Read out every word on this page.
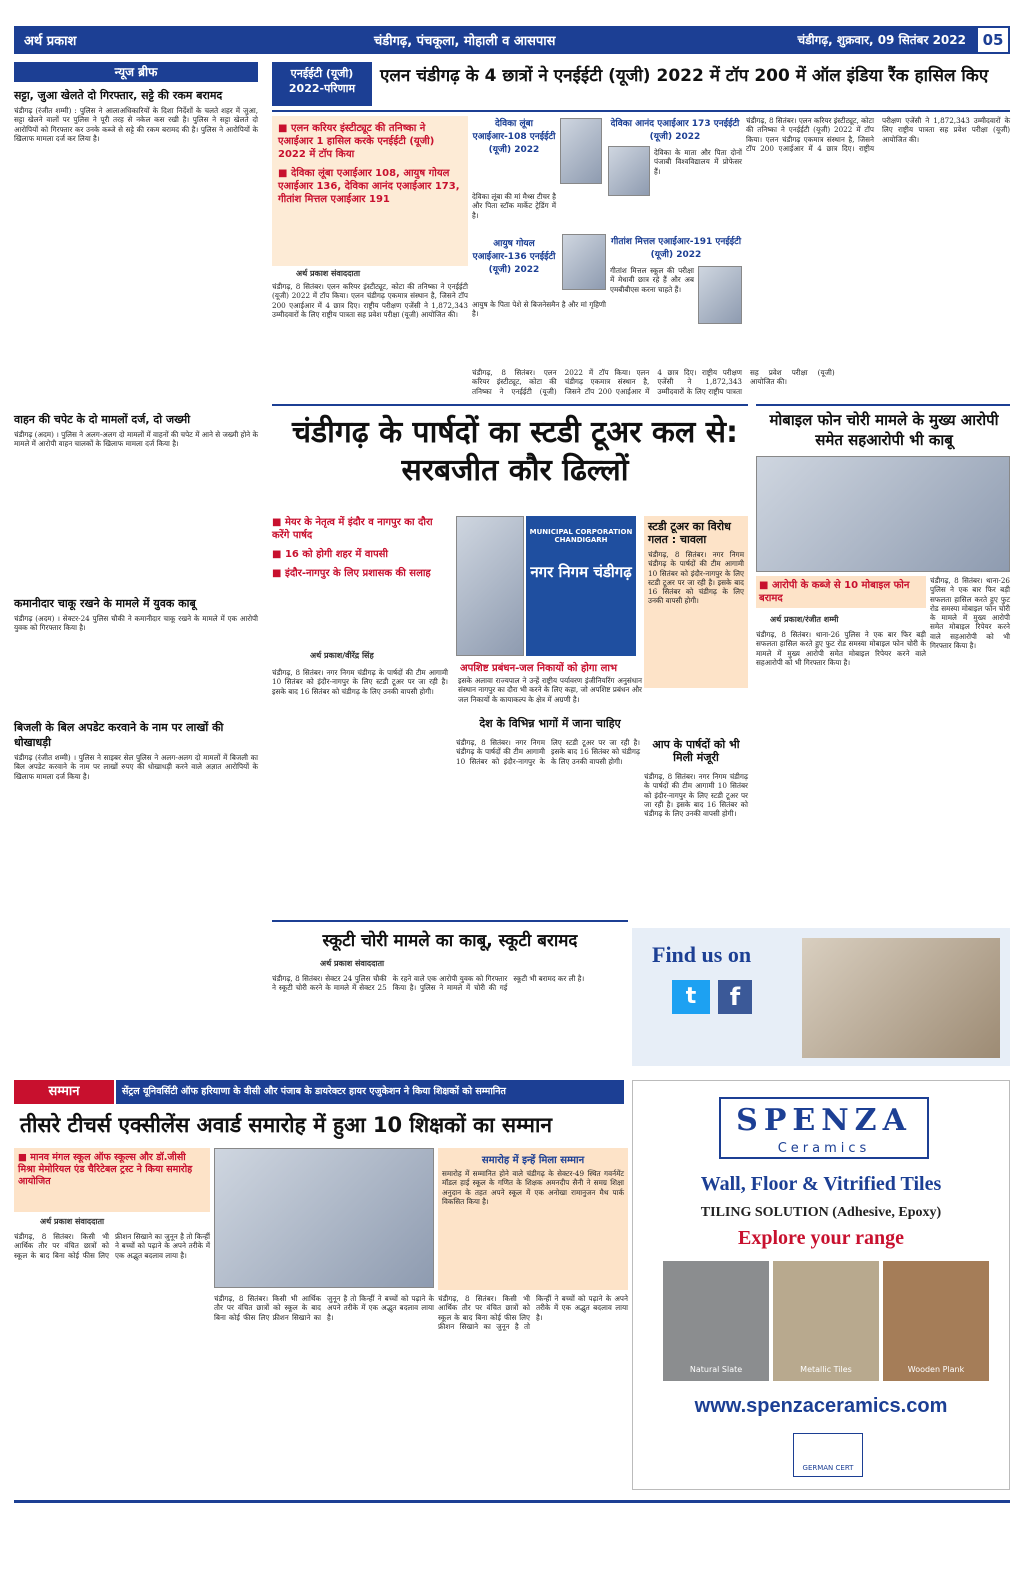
अर्थ प्रकाश	चंडीगढ़, पंचकूला, मोहाली व आसपास	चंडीगढ़, शुक्रवार, 09 सितंबर 2022	05
न्यूज ब्रीफ
सट्टा, जुआ खेलते दो गिरफ्तार, सट्टे की रकम बरामद
चंडीगढ़ (रंजीत शम्मी) : पुलिस ने आलाअधिकारियों के दिशा निर्देशों के चलते शहर में जुआ, सट्टा खेलने वालों पर पुलिस ने पूरी तरह से नकेल कस रखी है। पुलिस ने सट्टा खेलते दो आरोपियों को गिरफ्तार कर उनके कब्जे से सट्टे की रकम बरामद की है। पुलिस ने आरोपियों के खिलाफ मामला दर्ज कर लिया है।
वाहन की चपेट के दो मामलों दर्ज, दो जख्मी
चंडीगढ़ (अदम) । पुलिस ने अलग-अलग दो मामलों में वाहनों की चपेट में आने से जख्मी होने के मामले में आरोपी वाहन चालकों के खिलाफ मामला दर्ज किया है।
कमानीदार चाकू रखने के मामले में युवक काबू
चंडीगढ़ (अदम) । सेक्टर-24 पुलिस चौकी ने कमानीदार चाकू रखने के मामले में एक आरोपी युवक को गिरफ्तार किया है।
बिजली के बिल अपडेट करवाने के नाम पर लाखों की धोखाधड़ी
चंडीगढ़ (रंजीत शम्मी) । पुलिस ने साइबर सेल पुलिस ने अलग-अलग दो मामलों में बिजली का बिल अपडेट करवाने के नाम पर लाखों रुपए की धोखाधड़ी करने वाले अज्ञात आरोपियों के खिलाफ मामला दर्ज किया है।
एनईईटी (यूजी)
2022-परिणाम
एलन चंडीगढ़ के 4 छात्रों ने एनईईटी (यूजी) 2022 में टॉप 200 में ऑल इंडिया रैंक हासिल किए
■ एलन करियर इंस्टीट्यूट की तनिष्का ने एआईआर 1 हासिल करके एनईईटी (यूजी) 2022 में टॉप किया
■ देविका लूंबा एआईआर 108, आयुष गोयल एआईआर 136, देविका आनंद एआईआर 173, गीतांश मित्तल एआईआर 191
अर्थ प्रकाश संवाददाता
चंडीगढ़, 8 सितंबर। एलन करियर इंस्टीट्यूट, कोटा की तनिष्का ने एनईईटी (यूजी) 2022 में टॉप किया। एलन चंडीगढ़ एकमात्र संस्थान है, जिसने टॉप 200 एआईआर में 4 छात्र दिए। राष्ट्रीय परीक्षण एजेंसी ने 1,872,343 उम्मीदवारों के लिए राष्ट्रीय पात्रता सह प्रवेश परीक्षा (यूजी) आयोजित की।
देविका लूंबा एआईआर-108 एनईईटी (यूजी) 2022
देविका लूंबा की मां मैथ्स टीचर है और पिता स्टॉक मार्केट ट्रेडिंग में है।
देविका आनंद एआईआर 173 एनईईटी (यूजी) 2022
देविका के माता और पिता दोनों पंजाबी विश्वविद्यालय में प्रोफेसर हैं।
आयुष गोयल एआईआर-136 एनईईटी (यूजी) 2022
आयुष के पिता पेशे से बिजनेसमैन है और मां गृहिणी है।
गीतांश मित्तल एआईआर-191 एनईईटी (यूजी) 2022
गीतांश मित्तल स्कूल की परीक्षा में मेधावी छात्र रहे हैं और अब एमबीबीएस करना चाहते हैं।
चंडीगढ़, 8 सितंबर। एलन करियर इंस्टीट्यूट, कोटा की तनिष्का ने एनईईटी (यूजी) 2022 में टॉप किया। एलन चंडीगढ़ एकमात्र संस्थान है, जिसने टॉप 200 एआईआर में 4 छात्र दिए। राष्ट्रीय परीक्षण एजेंसी ने 1,872,343 उम्मीदवारों के लिए राष्ट्रीय पात्रता सह प्रवेश परीक्षा (यूजी) आयोजित की।
चंडीगढ़, 8 सितंबर। एलन करियर इंस्टीट्यूट, कोटा की तनिष्का ने एनईईटी (यूजी) 2022 में टॉप किया। एलन चंडीगढ़ एकमात्र संस्थान है, जिसने टॉप 200 एआईआर में 4 छात्र दिए। राष्ट्रीय परीक्षण एजेंसी ने 1,872,343 उम्मीदवारों के लिए राष्ट्रीय पात्रता सह प्रवेश परीक्षा (यूजी) आयोजित की।
चंडीगढ़ के पार्षदों का स्टडी टूअर कल से: सरबजीत कौर ढिल्लों
■ मेयर के नेतृत्व में इंदौर व नागपुर का दौरा करेंगे पार्षद
■ 16 को होगी शहर में वापसी
■ इंदौर-नागपुर के लिए प्रशासक की सलाह
अर्थ प्रकाश/वीरेंद्र सिंह
MUNICIPAL CORPORATION CHANDIGARH
नगर निगम चंडीगढ़
अपशिष्ट प्रबंधन-जल निकायों को होगा लाभ
इसके अलावा राज्यपाल ने उन्हें राष्ट्रीय पर्यावरण इंजीनियरिंग अनुसंधान संस्थान नागपुर का दौरा भी करने के लिए कहा, जो अपशिष्ट प्रबंधन और जल निकायों के कायाकल्प के क्षेत्र में अग्रणी है।
देश के विभिन्न भागों में जाना चाहिए
स्टडी टूअर का विरोध गलत : चावला
चंडीगढ़, 8 सितंबर। नगर निगम चंडीगढ़ के पार्षदों की टीम आगामी 10 सितंबर को इंदौर-नागपुर के लिए स्टडी टूअर पर जा रही है। इसके बाद 16 सितंबर को चंडीगढ़ के लिए उनकी वापसी होगी।
आप के पार्षदों को भी मिली मंजूरी
चंडीगढ़, 8 सितंबर। नगर निगम चंडीगढ़ के पार्षदों की टीम आगामी 10 सितंबर को इंदौर-नागपुर के लिए स्टडी टूअर पर जा रही है। इसके बाद 16 सितंबर को चंडीगढ़ के लिए उनकी वापसी होगी।
चंडीगढ़, 8 सितंबर। नगर निगम चंडीगढ़ के पार्षदों की टीम आगामी 10 सितंबर को इंदौर-नागपुर के लिए स्टडी टूअर पर जा रही है। इसके बाद 16 सितंबर को चंडीगढ़ के लिए उनकी वापसी होगी।
चंडीगढ़, 8 सितंबर। नगर निगम चंडीगढ़ के पार्षदों की टीम आगामी 10 सितंबर को इंदौर-नागपुर के लिए स्टडी टूअर पर जा रही है। इसके बाद 16 सितंबर को चंडीगढ़ के लिए उनकी वापसी होगी।
मोबाइल फोन चोरी मामले के मुख्य आरोपी समेत सहआरोपी भी काबू
■ आरोपी के कब्जे से 10 मोबाइल फोन बरामद
अर्थ प्रकाश/रंजीत शम्मी
चंडीगढ़, 8 सितंबर। थाना-26 पुलिस ने एक बार फिर बड़ी सफलता हासिल करते हुए फुट रोड समस्या मोबाइल फोन चोरी के मामले में मुख्य आरोपी समेत मोबाइल रिपेयर करने वाले सहआरोपी को भी गिरफ्तार किया है।
चंडीगढ़, 8 सितंबर। थाना-26 पुलिस ने एक बार फिर बड़ी सफलता हासिल करते हुए फुट रोड समस्या मोबाइल फोन चोरी के मामले में मुख्य आरोपी समेत मोबाइल रिपेयर करने वाले सहआरोपी को भी गिरफ्तार किया है।
स्कूटी चोरी मामले का काबू, स्कूटी बरामद
अर्थ प्रकाश संवाददाता
चंडीगढ़, 8 सितंबर। सेक्टर 24 पुलिस चौकी ने स्कूटी चोरी करने के मामले में सेक्टर 25 के रहने वाले एक आरोपी युवक को गिरफ्तार किया है। पुलिस ने मामले में चोरी की गई स्कूटी भी बरामद कर ली है।
Find us on
t	f
सम्मान	सेंट्रल यूनिवर्सिटी ऑफ हरियाणा के वीसी और पंजाब के डायरेक्टर हायर एजुकेशन ने किया शिक्षकों को सम्मानित
तीसरे टीचर्स एक्सीलेंस अवार्ड समारोह में हुआ 10 शिक्षकों का सम्मान
■ मानव मंगल स्कूल ऑफ स्कूल्स और डॉ.जीसी मिश्रा मेमोरियल एंड चैरिटेबल ट्रस्ट ने किया समारोह आयोजित
अर्थ प्रकाश संवाददाता
समारोह में इन्हें मिला सम्मान
समारोह में सम्मानित होने वाले चंडीगढ़ के सेक्टर-49 स्थित गवर्नमेंट मॉडल हाई स्कूल के गणित के शिक्षक अमनदीप सैनी ने समग्र शिक्षा अनुदान के तहत अपने स्कूल में एक अनोखा रामानुजन मैथ पार्क विकसित किया है।
चंडीगढ़, 8 सितंबर। किसी भी आर्थिक तौर पर वंचित छात्रों को स्कूल के बाद बिना कोई फीस लिए फ्रीशन सिखाने का जुनून है तो किन्हीं ने बच्चों को पढ़ाने के अपने तरीके में एक अद्भुत बदलाव लाया है।
चंडीगढ़, 8 सितंबर। किसी भी आर्थिक तौर पर वंचित छात्रों को स्कूल के बाद बिना कोई फीस लिए फ्रीशन सिखाने का जुनून है तो किन्हीं ने बच्चों को पढ़ाने के अपने तरीके में एक अद्भुत बदलाव लाया है।
चंडीगढ़, 8 सितंबर। किसी भी आर्थिक तौर पर वंचित छात्रों को स्कूल के बाद बिना कोई फीस लिए फ्रीशन सिखाने का जुनून है तो किन्हीं ने बच्चों को पढ़ाने के अपने तरीके में एक अद्भुत बदलाव लाया है।
SPENZA
Ceramics
Wall, Floor & Vitrified Tiles
TILING SOLUTION (Adhesive, Epoxy)
Explore your range
Natural Slate	Metallic Tiles	Wooden Plank
www.spenzaceramics.com
GERMAN CERT
